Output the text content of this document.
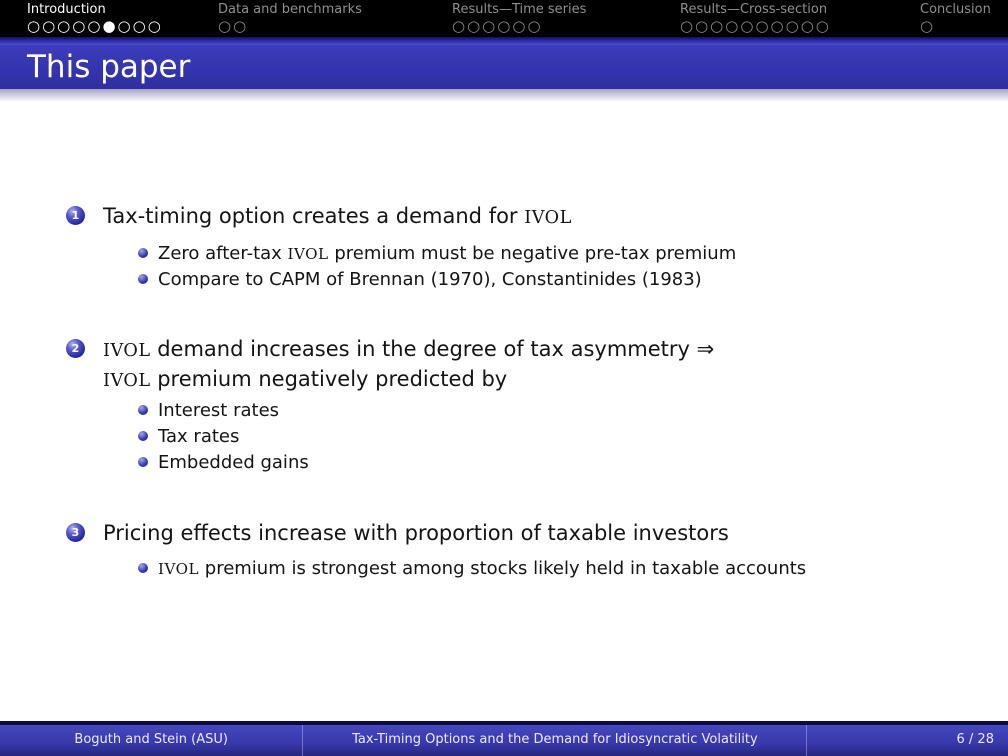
Introduction
○○○○○●○○○
Data and benchmarks
○○
Results—Time series
○○○○○○
Results—Cross-section
○○○○○○○○○○
Conclusion
○
This paper
1 Tax-timing option creates a demand for IVOL
Zero after-tax IVOL premium must be negative pre-tax premium
Compare to CAPM of Brennan (1970), Constantinides (1983)
2	IVOL demand increases in the degree of tax asymmetry ⇒
IVOL premium negatively predicted by
Interest rates
Tax rates
Embedded gains
3 Pricing effects increase with proportion of taxable investors
IVOL premium is strongest among stocks likely held in taxable accounts
Boguth and Stein (ASU)	Tax-Timing Options and the Demand for Idiosyncratic Volatility	6 / 28
